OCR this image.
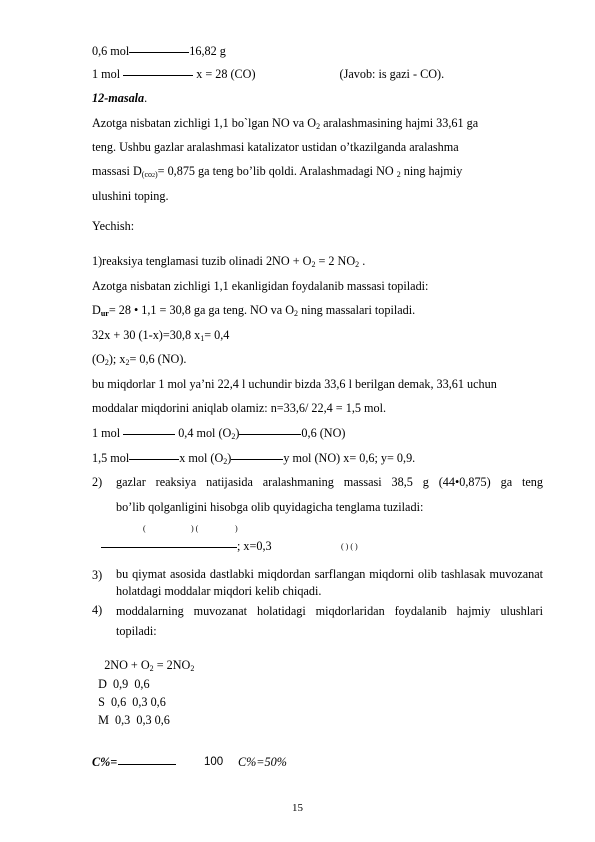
0,6 mol	16,82 g
1 mol	x = 28 (CO)	(Javob: is gazi - CO).
12-masala.
Azotga nisbatan zichligi 1,1 bo`lgan NO va $O_2$ aralashmasining hajmi 33,61 ga
teng. Ushbu gazlar aralashmasi katalizator ustidan o’tkazilganda aralashma
massasi $D_{(co2)}= 0,875$ ga teng bo’lib qoldi. Aralashmadagi NO $_2$ ning hajmiy
ulushini toping.
Yechish:
1)reaksiya tenglamasi tuzib olinadi $2NO + O_2 = 2$ $NO_2$ .
Azotga nisbatan zichligi 1,1 ekanligidan foydalanib massasi topiladi:
$D_{ur}= 28$ • 1,1 = 30,8 ga ga teng. NO va $O_2$ ning massalari topiladi.
32x + 30 (1-x)=30,8 $x_1= 0,4$
$(O_2)$; $x_2= 0,6$ (NO).
bu miqdorlar 1 mol ya’ni 22,4 l uchundir bizda 33,6 l berilgan demak, 33,61 uchun
moddalar miqdorini aniqlab olamiz: n=33,6/ 22,4 = 1,5 mol.
1 mol	0,4 mol $(O_2)$	0,6 (NO)
1,5 mol	x mol $(O_2)$	y mol (NO) x= 0,6; y= 0,9.
2) gazlar reaksiya natijasida aralashmaning massasi 38,5 g (44•0,875) ga teng
bo’lib qolganligini hisobga olib quyidagicha tenglama tuziladi:
(	) (	)
; x=0,3	( ) ( )
3) bu qiymat asosida dastlabki miqdordan sarflangan miqdorni olib tashlasak muvozanat holatdagi moddalar miqdori kelib chiqadi.
4) moddalarning muvozanat holatidagi miqdorlaridan foydalanib hajmiy ulushlari topiladi:
$2NO + O_2 = 2NO_2$
D  0,9  0,6
S  0,6  0,3 0,6
M  0,3  0,3 0,6
C%=	100 C%=50%
15
